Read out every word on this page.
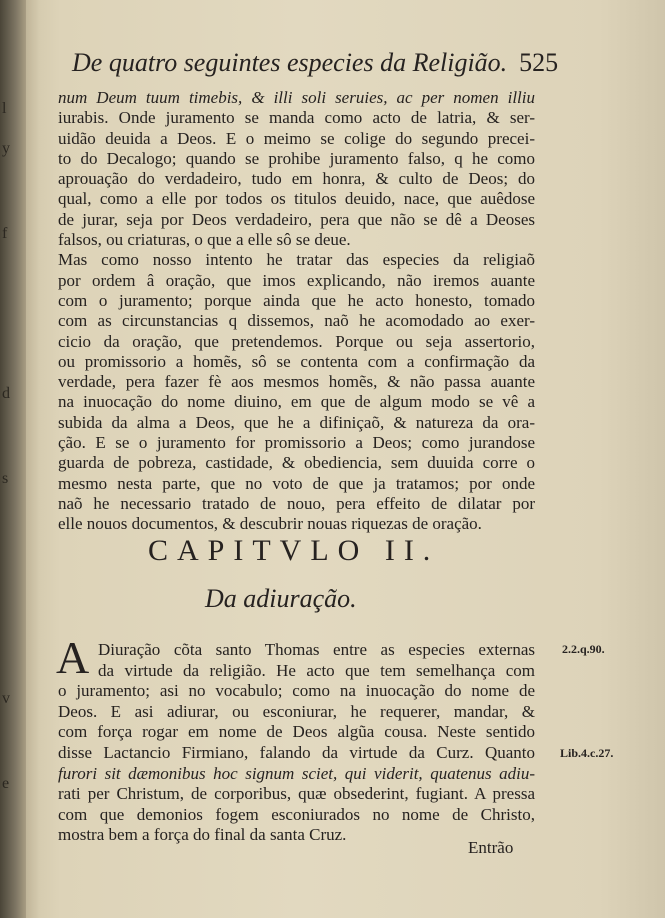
l
y
f
d
s
v
e
De quatro seguintes especies da Religião. 525
num Deum tuum timebis, & illi soli seruies, ac per nomen illiu
iurabis. Onde juramento se manda como acto de latria, & ser-
uidão deuida a Deos. E o meimo se colige do segundo precei-
to do Decalogo; quando se prohibe juramento falso, q he como
aprouação do verdadeiro, tudo em honra, & culto de Deos; do
qual, como a elle por todos os titulos deuido, nace, que auêdose
de jurar, seja por Deos verdadeiro, pera que não se dê a Deoses
falsos, ou criaturas, o que a elle sô se deue.
Mas como nosso intento he tratar das especies da religiaõ
por ordem â oração, que imos explicando, não iremos auante
com o juramento; porque ainda que he acto honesto, tomado
com as circunstancias q dissemos, naõ he acomodado ao exer-
cicio da oração, que pretendemos. Porque ou seja assertorio,
ou promissorio a homẽs, sô se contenta com a confirmação da
verdade, pera fazer fè aos mesmos homẽs, & não passa auante
na inuocação do nome diuino, em que de algum modo se vê a
subida da alma a Deos, que he a difiniçaõ, & natureza da ora-
ção. E se o juramento for promissorio a Deos; como jurandose
guarda de pobreza, castidade, & obediencia, sem duuida corre o
mesmo nesta parte, que no voto de que ja tratamos; por onde
naõ he necessario tratado de nouo, pera effeito de dilatar por
elle nouos documentos, & descubrir nouas riquezas de oração.
CAPITVLO II.
Da adiuração.
A Diuração cõta santo Thomas entre as especies externas
da virtude da religião. He acto que tem semelhança com
o juramento; asi no vocabulo; como na inuocação do nome de
Deos. E asi adiurar, ou esconiurar, he requerer, mandar, &
com força rogar em nome de Deos algũa cousa. Neste sentido
disse Lactancio Firmiano, falando da virtude da Curz. Quanto
furori sit dæmonibus hoc signum sciet, qui viderit, quatenus adiu-
rati per Christum, de corporibus, quæ obsederint, fugiant. A pressa
com que demonios fogem esconiurados no nome de Christo,
mostra bem a força do final da santa Cruz.
2.2.q.90.
Lib.4.c.27.
Entrão
